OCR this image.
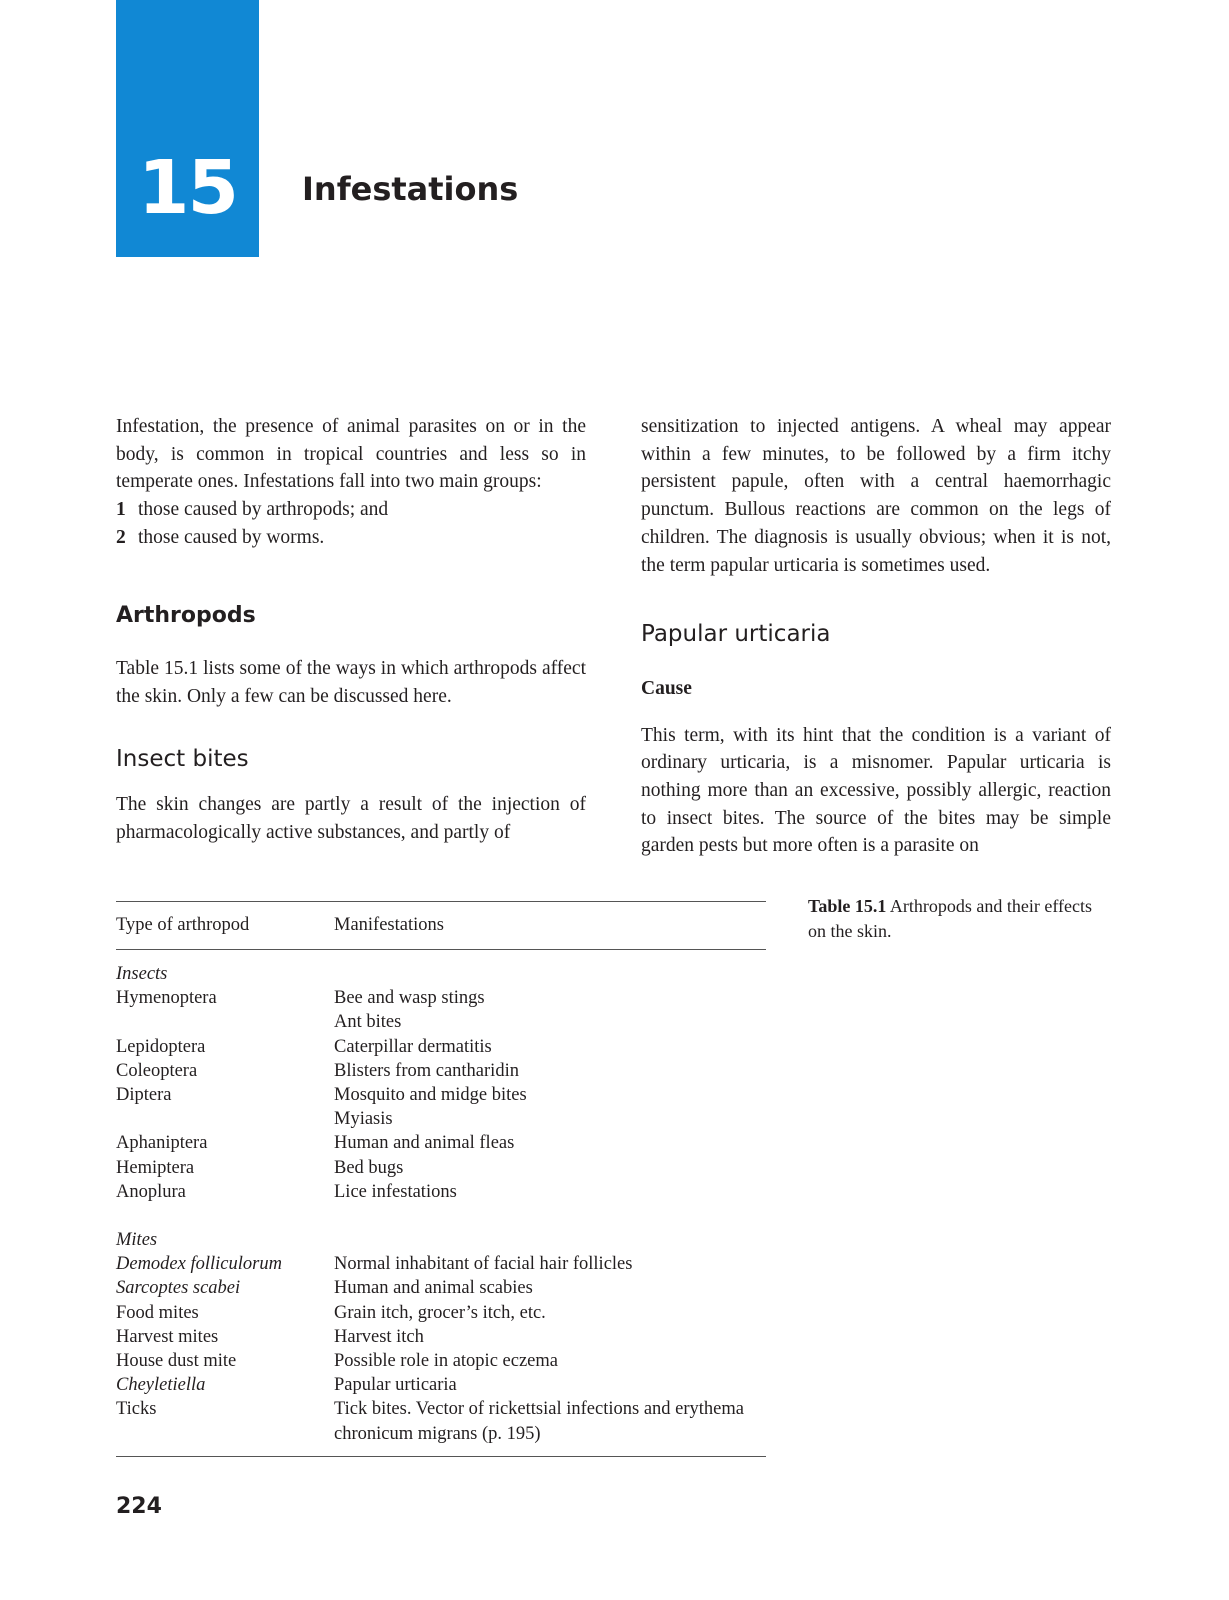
15	Infestations

Infestation, the presence of animal parasites on or in the body, is common in tropical countries and less so in temperate ones. Infestations fall into two main groups:

1 those caused by arthropods; and
2 those caused by worms.
Arthropods

Table 15.1 lists some of the ways in which arthropods affect the skin. Only a few can be discussed here.

Insect bites

The skin changes are partly a result of the injection of pharmacologically active substances, and partly of

sensitization to injected antigens. A wheal may appear within a few minutes, to be followed by a firm itchy persistent papule, often with a central haemorrhagic punctum. Bullous reactions are common on the legs of children. The diagnosis is usually obvious; when it is not, the term papular urticaria is sometimes used.

Papular urticaria
Cause

This term, with its hint that the condition is a variant of ordinary urticaria, is a misnomer. Papular urticaria is nothing more than an excessive, possibly allergic, reaction to insect bites. The source of the bites may be simple garden pests but more often is a parasite on

Table 15.1 Arthropods and their effects on the skin.
Type of arthropod	Manifestations
Insects
Hymenoptera	Bee and wasp stings
Ant bites
Lepidoptera	Caterpillar dermatitis
Coleoptera	Blisters from cantharidin
Diptera	Mosquito and midge bites
Myiasis
Aphaniptera	Human and animal fleas
Hemiptera	Bed bugs
Anoplura	Lice infestations
Mites
Demodex folliculorum	Normal inhabitant of facial hair follicles
Sarcoptes scabei	Human and animal scabies
Food mites	Grain itch, grocer’s itch, etc.
Harvest mites	Harvest itch
House dust mite	Possible role in atopic eczema
Cheyletiella	Papular urticaria
Ticks	Tick bites. Vector of rickettsial infections and erythema
chronicum migrans (p. 195)
224
